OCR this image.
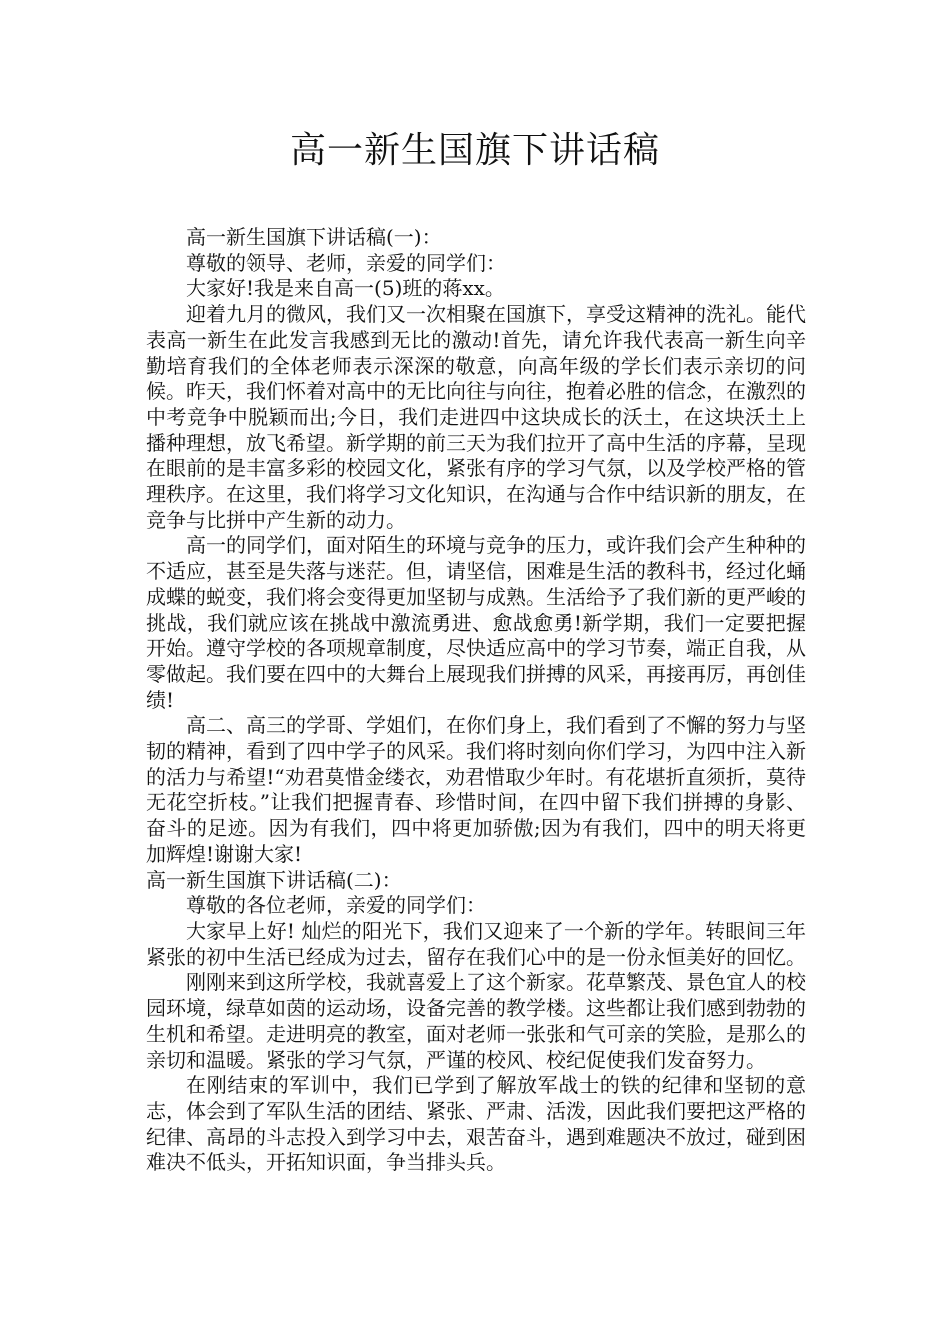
高一新生国旗下讲话稿

高一新生国旗下讲话稿(一)：

尊敬的领导、老师，亲爱的同学们：

大家好!我是来自高一(5)班的蒋xx。

迎着九月的微风，我们又一次相聚在国旗下，享受这精神的洗礼。能代表高一新生在此发言我感到无比的激动!首先，请允许我代表高一新生向辛勤培育我们的全体老师表示深深的敬意，向高年级的学长们表示亲切的问候。昨天，我们怀着对高中的无比向往与向往，抱着必胜的信念，在激烈的中考竞争中脱颖而出;今日，我们走进四中这块成长的沃土，在这块沃土上播种理想，放飞希望。新学期的前三天为我们拉开了高中生活的序幕，呈现在眼前的是丰富多彩的校园文化，紧张有序的学习气氛，以及学校严格的管理秩序。在这里，我们将学习文化知识，在沟通与合作中结识新的朋友，在竞争与比拼中产生新的动力。

高一的同学们，面对陌生的环境与竞争的压力，或许我们会产生种种的不适应，甚至是失落与迷茫。但，请坚信，困难是生活的教科书，经过化蛹成蝶的蜕变，我们将会变得更加坚韧与成熟。生活给予了我们新的更严峻的挑战，我们就应该在挑战中激流勇进、愈战愈勇!新学期，我们一定要把握开始。遵守学校的各项规章制度，尽快适应高中的学习节奏，端正自我，从零做起。我们要在四中的大舞台上展现我们拼搏的风采，再接再厉，再创佳绩!

高二、高三的学哥、学姐们，在你们身上，我们看到了不懈的努力与坚韧的精神，看到了四中学子的风采。我们将时刻向你们学习，为四中注入新的活力与希望!“劝君莫惜金缕衣，劝君惜取少年时。有花堪折直须折，莫待无花空折枝。”让我们把握青春、珍惜时间，在四中留下我们拼搏的身影、奋斗的足迹。因为有我们，四中将更加骄傲;因为有我们，四中的明天将更加辉煌!谢谢大家!

高一新生国旗下讲话稿(二)：

尊敬的各位老师，亲爱的同学们：

大家早上好! 灿烂的阳光下，我们又迎来了一个新的学年。转眼间三年紧张的初中生活已经成为过去，留存在我们心中的是一份永恒美好的回忆。

刚刚来到这所学校，我就喜爱上了这个新家。花草繁茂、景色宜人的校园环境，绿草如茵的运动场，设备完善的教学楼。这些都让我们感到勃勃的生机和希望。走进明亮的教室，面对老师一张张和气可亲的笑脸，是那么的亲切和温暖。紧张的学习气氛，严谨的校风、校纪促使我们发奋努力。

在刚结束的军训中，我们已学到了解放军战士的铁的纪律和坚韧的意志，体会到了军队生活的团结、紧张、严肃、活泼，因此我们要把这严格的纪律、高昂的斗志投入到学习中去，艰苦奋斗，遇到难题决不放过，碰到困难决不低头，开拓知识面，争当排头兵。
